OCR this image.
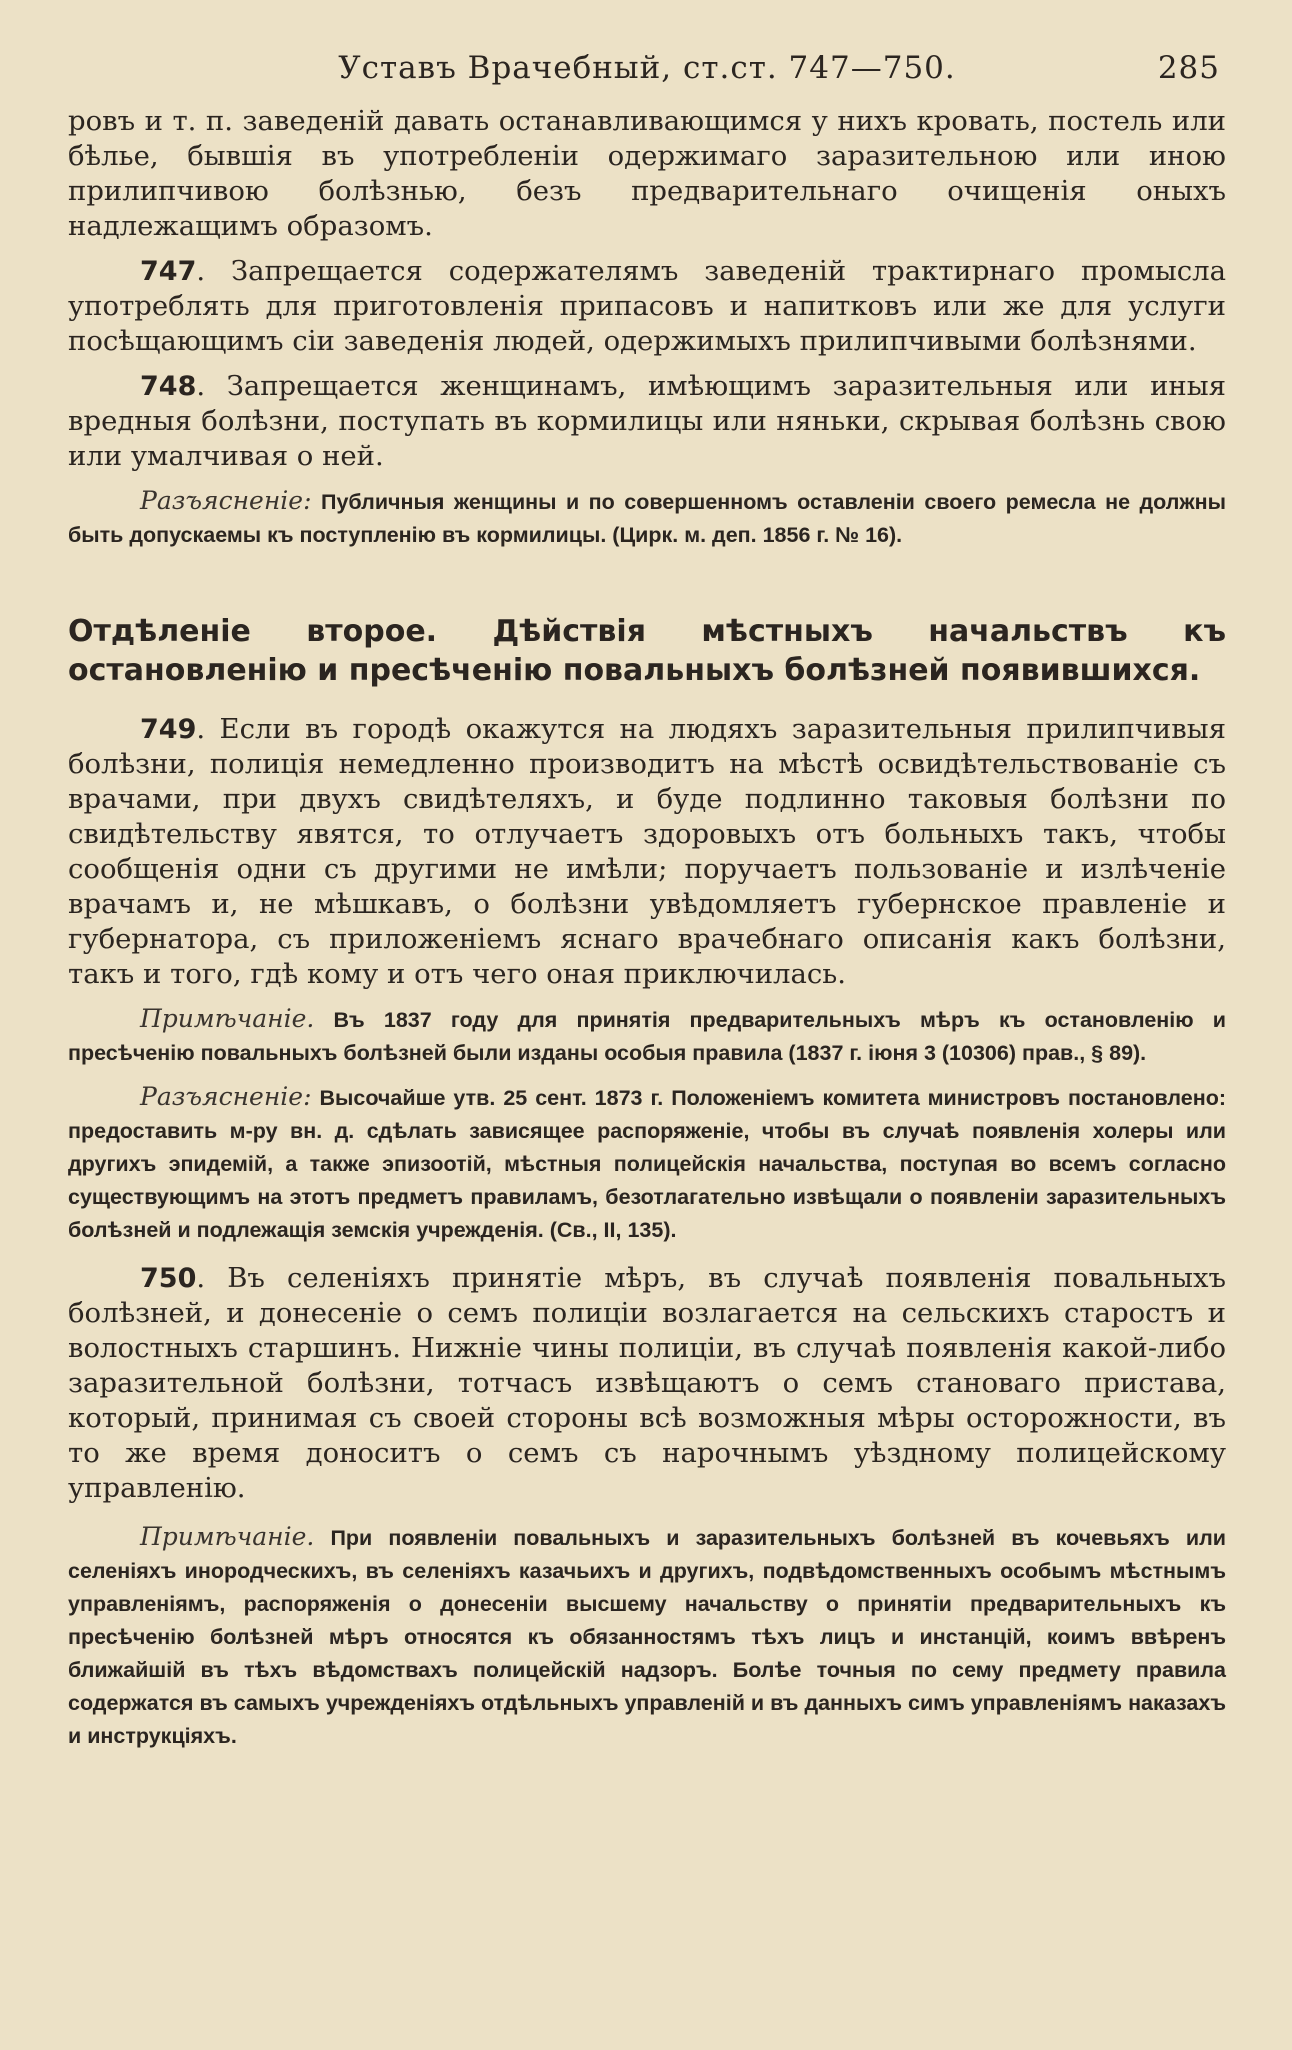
Уставъ Врачебный, ст.ст. 747—750.	285

ровъ и т. п. заведенiй давать останавливающимся у нихъ кровать, постель или бѣлье, бывшiя въ употребленiи одержимаго заразительною или иною прилипчивою болѣзнью, безъ предварительнаго очищенiя оныхъ надлежащимъ образомъ.

747. Запрещается содержателямъ заведенiй трактирнаго промысла употреблять для приготовленiя припасовъ и напитковъ или же для услуги посѣщающимъ сiи заведенiя людей, одержимыхъ прилипчивыми болѣзнями.

748. Запрещается женщинамъ, имѣющимъ заразительныя или иныя вредныя болѣзни, поступать въ кормилицы или няньки, скрывая болѣзнь свою или умалчивая о ней.

Разъясненiе: Публичныя женщины и по совершенномъ оставленiи своего ремесла не должны быть допускаемы къ поступленiю въ кормилицы. (Цирк. м. деп. 1856 г. № 16).

Отдѣленiе второе. Дѣйствiя мѣстныхъ начальствъ къ остановленiю и пресѣченiю повальныхъ болѣзней появившихся.

749. Если въ городѣ окажутся на людяхъ заразительныя прилипчивыя болѣзни, полицiя немедленно производитъ на мѣстѣ освидѣтельствованiе съ врачами, при двухъ свидѣтеляхъ, и буде подлинно таковыя болѣзни по свидѣтельству явятся, то отлучаетъ здоровыхъ отъ больныхъ такъ, чтобы сообщенiя одни съ другими не имѣли; поручаетъ пользованiе и излѣченiе врачамъ и, не мѣшкавъ, о болѣзни увѣдомляетъ губернское правленiе и губернатора, съ приложенiемъ яснаго врачебнаго описанiя какъ болѣзни, такъ и того, гдѣ кому и отъ чего оная приключилась.

Примѣчанiе. Въ 1837 году для принятiя предварительныхъ мѣръ къ остановленiю и пресѣченiю повальныхъ болѣзней были изданы особыя правила (1837 г. iюня 3 (10306) прав., § 89).

Разъясненiе: Высочайше утв. 25 сент. 1873 г. Положенiемъ комитета министровъ постановлено: предоставить м-ру вн. д. сдѣлать зависящее распоряженiе, чтобы въ случаѣ появленiя холеры или другихъ эпидемiй, а также эпизоотiй, мѣстныя полицейскiя начальства, поступая во всемъ согласно существующимъ на этотъ предметъ правиламъ, безотлагательно извѣщали о появленiи заразительныхъ болѣзней и подлежащiя земскiя учрежденiя. (Св., II, 135).

750. Въ селенiяхъ принятiе мѣръ, въ случаѣ появленiя повальныхъ болѣзней, и донесенiе о семъ полицiи возлагается на сельскихъ старостъ и волостныхъ старшинъ. Нижнiе чины полицiи, въ случаѣ появленiя какой-либо заразительной болѣзни, тотчасъ извѣщаютъ о семъ становаго пристава, который, принимая съ своей стороны всѣ возможныя мѣры осторожности, въ то же время доноситъ о семъ съ нарочнымъ уѣздному полицейскому управленiю.

Примѣчанiе. При появленiи повальныхъ и заразительныхъ болѣзней въ кочевьяхъ или селенiяхъ инородческихъ, въ селенiяхъ казачьихъ и другихъ, подвѣдомственныхъ особымъ мѣстнымъ управленiямъ, распоряженiя о донесенiи высшему начальству о принятiи предварительныхъ къ пресѣченiю болѣзней мѣръ относятся къ обязанностямъ тѣхъ лицъ и инстанцiй, коимъ ввѣренъ ближайшiй въ тѣхъ вѣдомствахъ полицейскiй надзоръ. Болѣе точныя по сему предмету правила содержатся въ самыхъ учрежденiяхъ отдѣльныхъ управленiй и въ данныхъ симъ управленiямъ наказахъ и инструкцiяхъ.
